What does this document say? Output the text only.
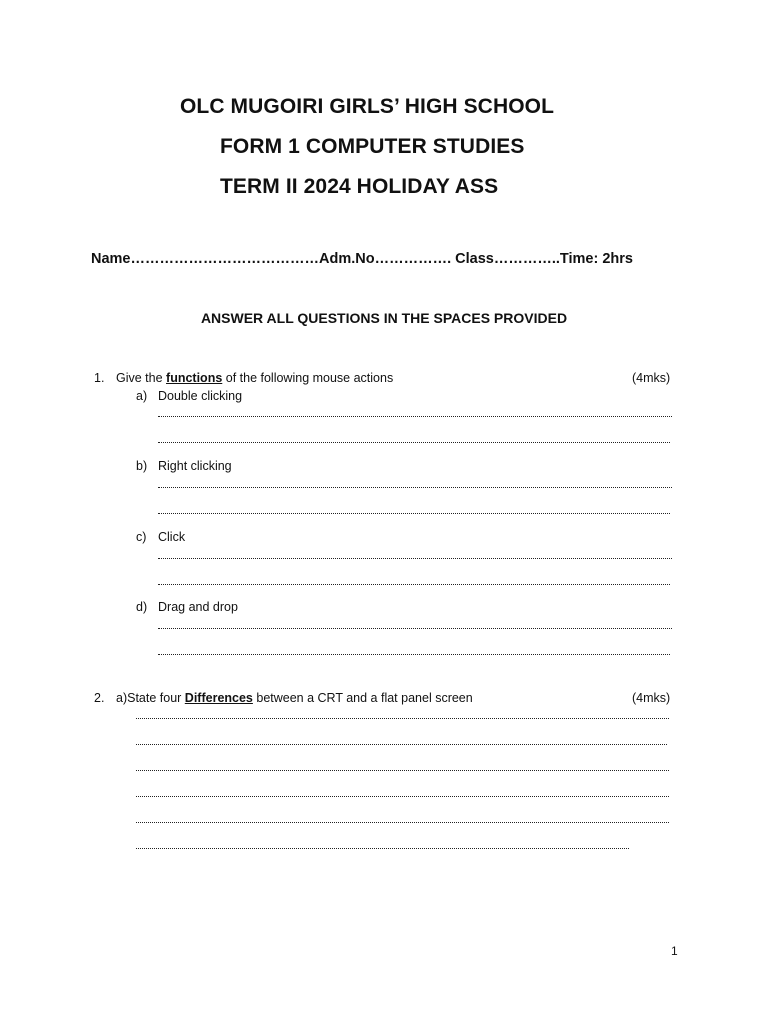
OLC MUGOIRI GIRLS’ HIGH SCHOOL
FORM 1 COMPUTER STUDIES
TERM II 2024 HOLIDAY ASS
Name…………………………………Adm.No……………. Class…………..Time: 2hrs
ANSWER ALL QUESTIONS IN THE SPACES PROVIDED
1. Give the functions of the following mouse actions	(4mks)
a) Double clicking
b) Right clicking
c) Click
d) Drag and drop
2. a)State four Differences between a CRT and a flat panel screen	(4mks)
1
